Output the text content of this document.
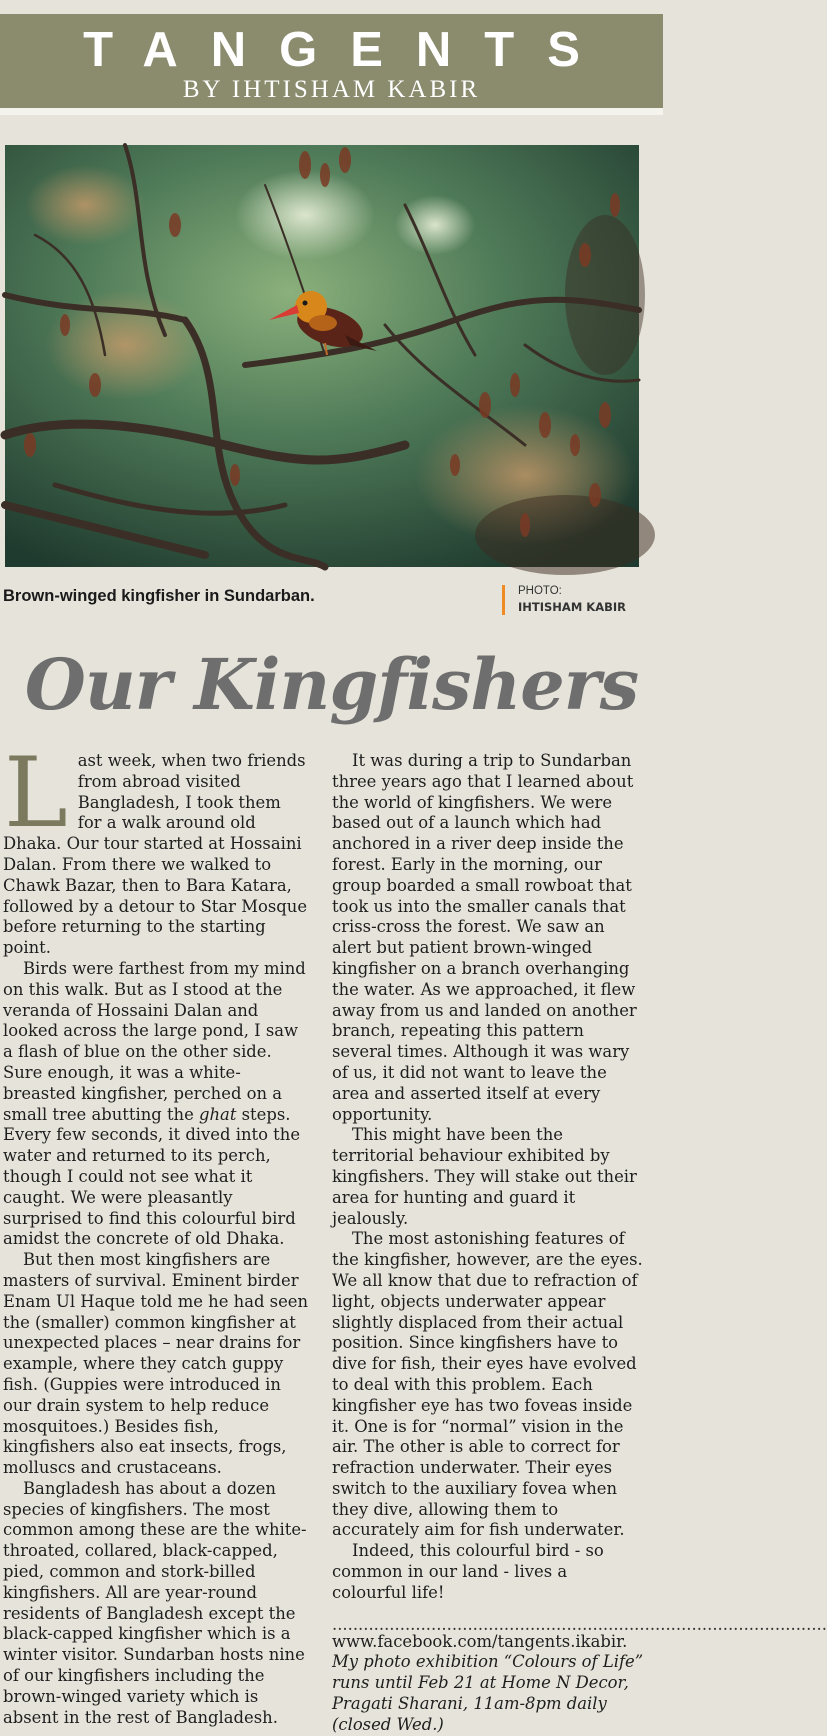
TANGENTS
BY IHTISHAM KABIR
Brown-winged kingfisher in Sundarban.	PHOTO:
IHTISHAM KABIR
Our Kingfishers

Last week, when two friends from abroad visited Bangladesh, I took them for a walk around old Dhaka. Our tour started at Hossaini Dalan. From there we walked to Chawk Bazar, then to Bara Katara, followed by a detour to Star Mosque before returning to the starting point.

Birds were farthest from my mind on this walk. But as I stood at the veranda of Hossaini Dalan and looked across the large pond, I saw a flash of blue on the other side. Sure enough, it was a white-breasted kingfisher, perched on a small tree abutting the ghat steps. Every few seconds, it dived into the water and returned to its perch, though I could not see what it caught. We were pleasantly surprised to find this colourful bird amidst the concrete of old Dhaka.

But then most kingfishers are masters of survival. Eminent birder Enam Ul Haque told me he had seen the (smaller) common kingfisher at unexpected places – near drains for example, where they catch guppy fish. (Guppies were introduced in our drain system to help reduce mosquitoes.) Besides fish, kingfishers also eat insects, frogs, molluscs and crustaceans.

Bangladesh has about a dozen species of kingfishers. The most common among these are the white-throated, collared, black-capped, pied, common and stork-billed kingfishers. All are year-round residents of Bangladesh except the black-capped kingfisher which is a winter visitor. Sundarban hosts nine of our kingfishers including the brown-winged variety which is absent in the rest of Bangladesh.

It was during a trip to Sundarban three years ago that I learned about the world of kingfishers. We were based out of a launch which had anchored in a river deep inside the forest. Early in the morning, our group boarded a small rowboat that took us into the smaller canals that criss-cross the forest. We saw an alert but patient brown-winged kingfisher on a branch overhanging the water. As we approached, it flew away from us and landed on another branch, repeating this pattern several times. Although it was wary of us, it did not want to leave the area and asserted itself at every opportunity.

This might have been the territorial behaviour exhibited by kingfishers. They will stake out their area for hunting and guard it jealously.

The most astonishing features of the kingfisher, however, are the eyes. We all know that due to refraction of light, objects underwater appear slightly displaced from their actual position. Since kingfishers have to dive for fish, their eyes have evolved to deal with this problem. Each kingfisher eye has two foveas inside it. One is for “normal” vision in the air. The other is able to correct for refraction underwater. Their eyes switch to the auxiliary fovea when they dive, allowing them to accurately aim for fish underwater.

Indeed, this colourful bird - so common in our land - lives a colourful life!

...............................................................................................

www.facebook.com/tangents.ikabir.

My photo exhibition “Colours of Life” runs until Feb 21 at Home N Decor, Pragati Sharani, 11am-8pm daily (closed Wed.)
